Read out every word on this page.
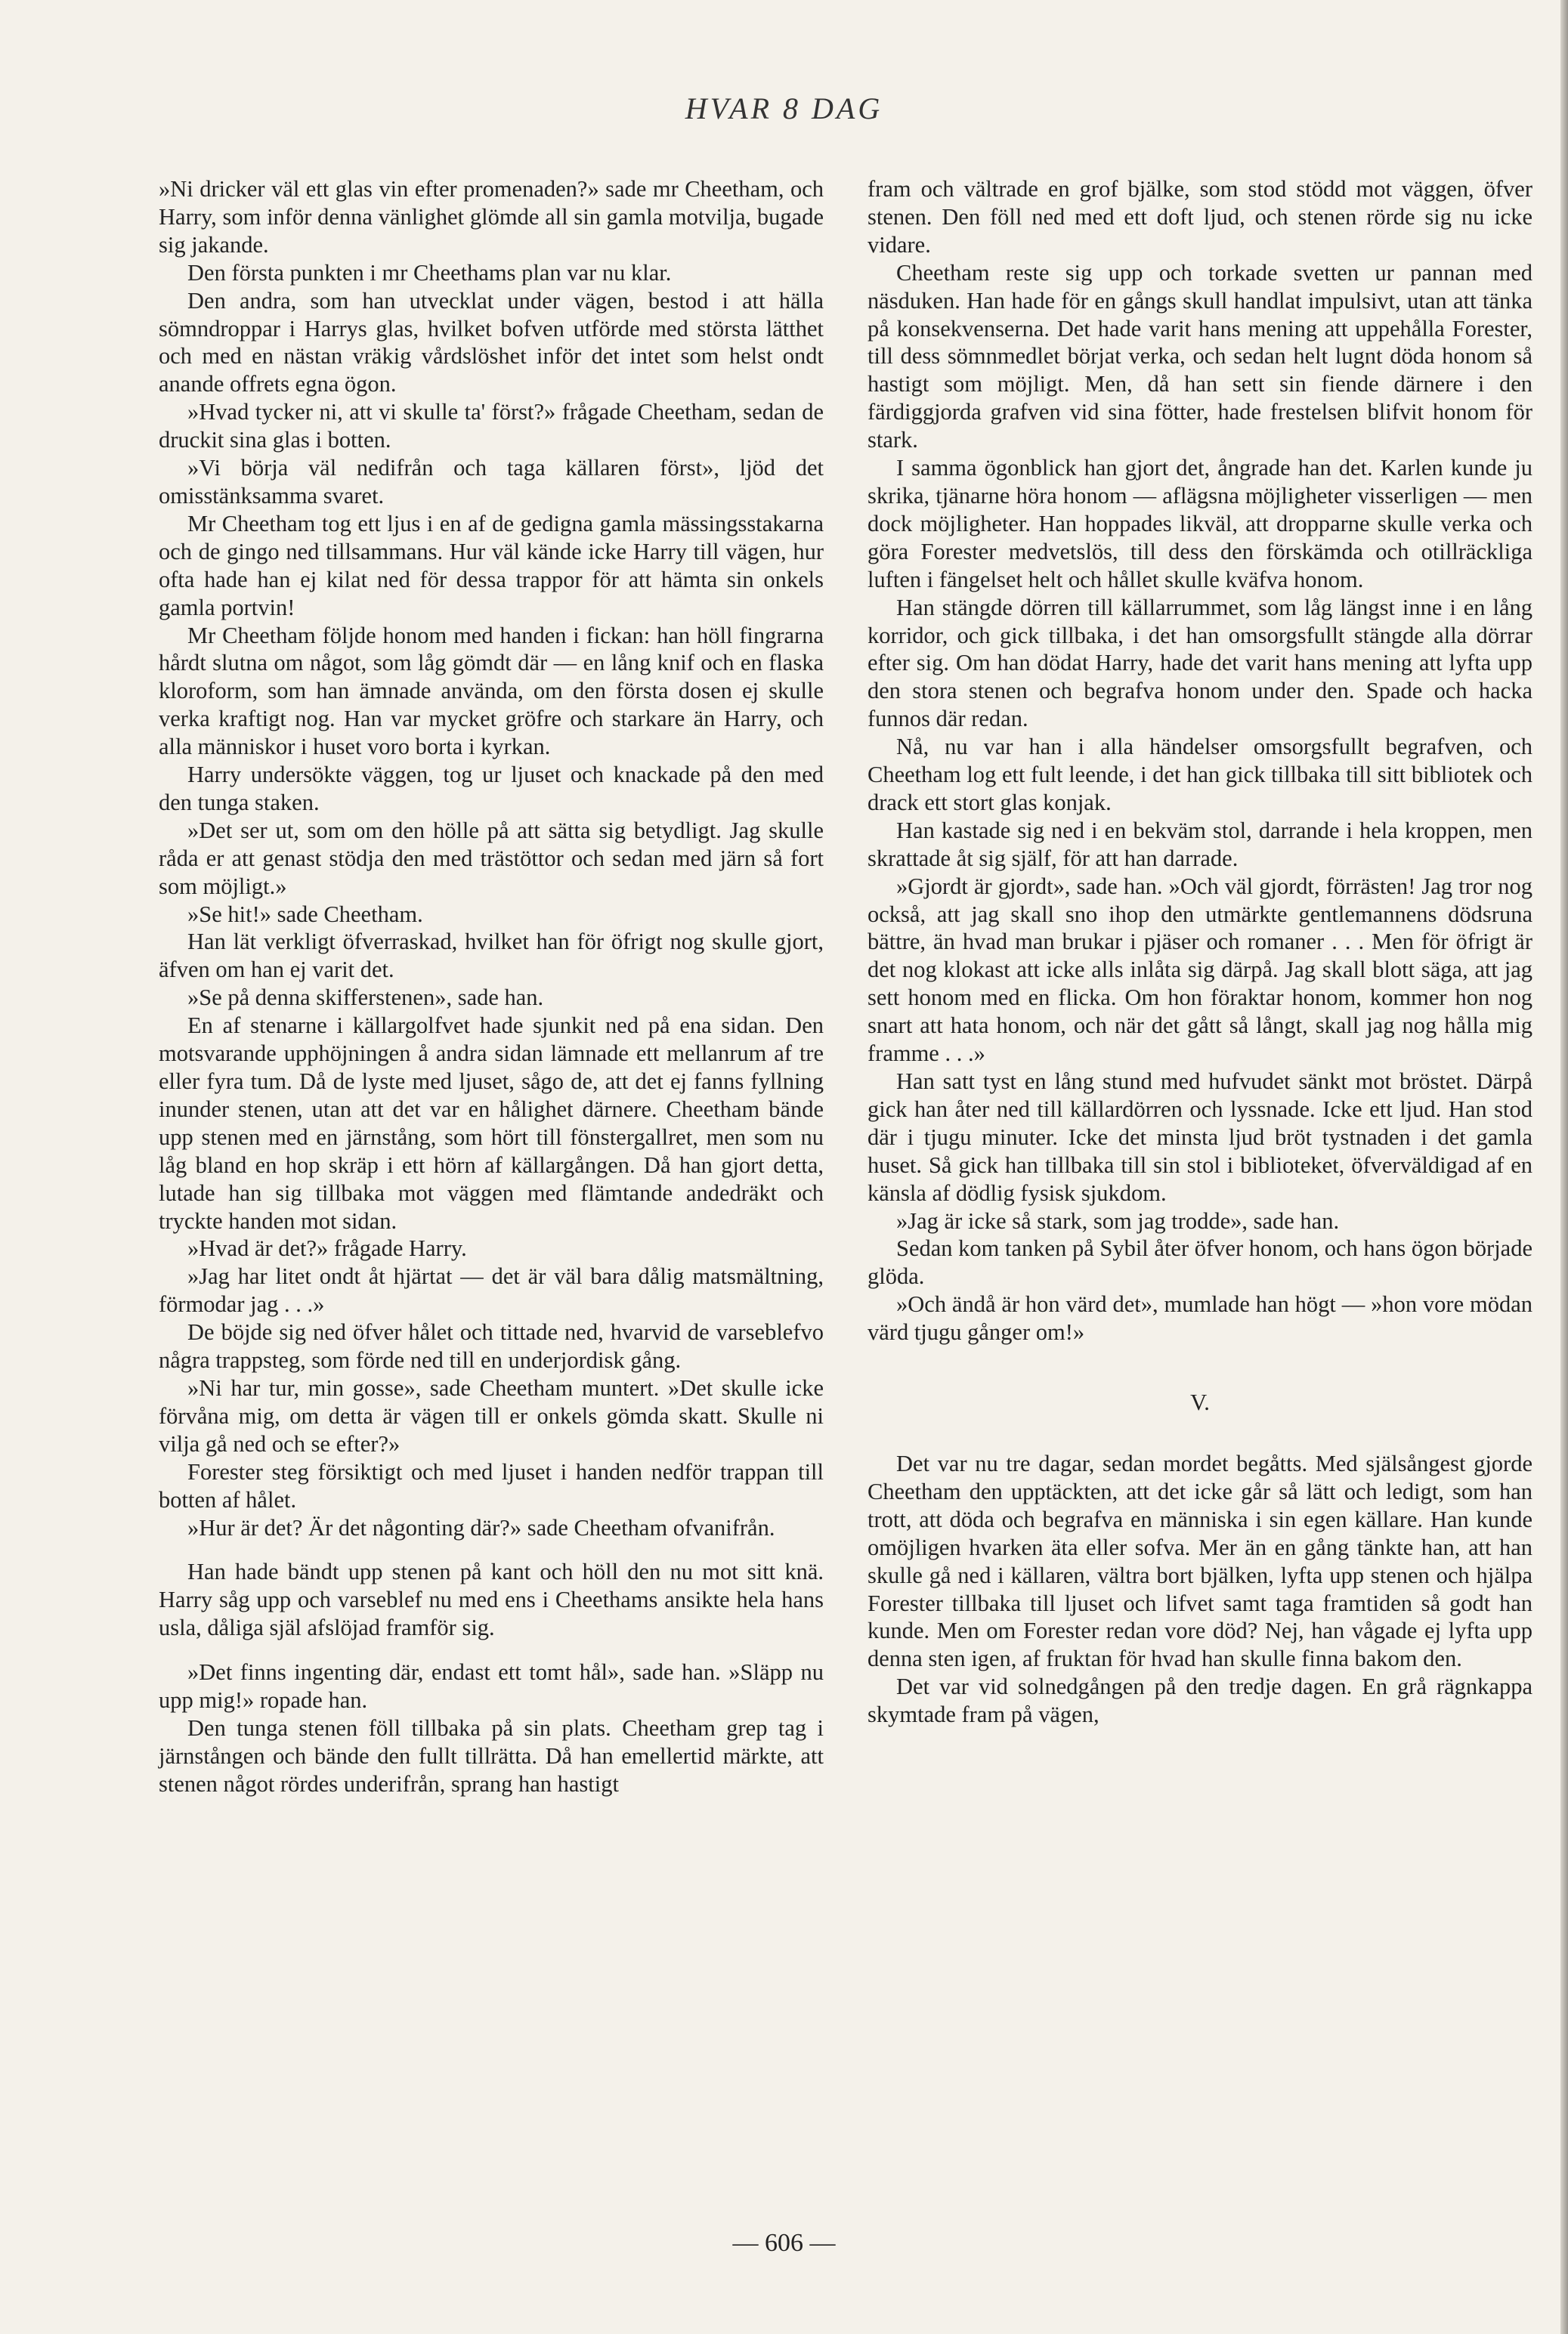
HVAR 8 DAG

»Ni dricker väl ett glas vin efter promenaden?» sade mr Cheetham, och Harry, som inför denna vänlighet glömde all sin gamla motvilja, bugade sig jakande.

Den första punkten i mr Cheethams plan var nu klar.

Den andra, som han utvecklat under vägen, bestod i att hälla sömndroppar i Harrys glas, hvilket bofven utförde med största lätthet och med en nästan vräkig vårdslöshet inför det intet som helst ondt anande offrets egna ögon.

»Hvad tycker ni, att vi skulle ta' först?» frågade Cheetham, sedan de druckit sina glas i botten.

»Vi börja väl nedifrån och taga källaren först», ljöd det omisstänksamma svaret.

Mr Cheetham tog ett ljus i en af de gedigna gamla mässingsstakarna och de gingo ned tillsammans. Hur väl kände icke Harry till vägen, hur ofta hade han ej kilat ned för dessa trappor för att hämta sin onkels gamla portvin!

Mr Cheetham följde honom med handen i fickan: han höll fingrarna hårdt slutna om något, som låg gömdt där — en lång knif och en flaska kloroform, som han ämnade använda, om den första dosen ej skulle verka kraftigt nog. Han var mycket gröfre och starkare än Harry, och alla människor i huset voro borta i kyrkan.

Harry undersökte väggen, tog ur ljuset och knackade på den med den tunga staken.

»Det ser ut, som om den hölle på att sätta sig betydligt. Jag skulle råda er att genast stödja den med trästöttor och sedan med järn så fort som möjligt.»

»Se hit!» sade Cheetham.

Han lät verkligt öfverraskad, hvilket han för öfrigt nog skulle gjort, äfven om han ej varit det.

»Se på denna skifferstenen», sade han.

En af stenarne i källargolfvet hade sjunkit ned på ena sidan. Den motsvarande upphöjningen å andra sidan lämnade ett mellanrum af tre eller fyra tum. Då de lyste med ljuset, sågo de, att det ej fanns fyllning inunder stenen, utan att det var en hålighet därnere. Cheetham bände upp stenen med en järnstång, som hört till fönstergallret, men som nu låg bland en hop skräp i ett hörn af källargången. Då han gjort detta, lutade han sig tillbaka mot väggen med flämtande andedräkt och tryckte handen mot sidan.

»Hvad är det?» frågade Harry.

»Jag har litet ondt åt hjärtat — det är väl bara dålig matsmältning, förmodar jag . . .»

De böjde sig ned öfver hålet och tittade ned, hvarvid de varseblefvo några trappsteg, som förde ned till en underjordisk gång.

»Ni har tur, min gosse», sade Cheetham muntert. »Det skulle icke förvåna mig, om detta är vägen till er onkels gömda skatt. Skulle ni vilja gå ned och se efter?»

Forester steg försiktigt och med ljuset i handen nedför trappan till botten af hålet.

»Hur är det? Är det någonting där?» sade Cheetham ofvanifrån.

Han hade bändt upp stenen på kant och höll den nu mot sitt knä. Harry såg upp och varseblef nu med ens i Cheethams ansikte hela hans usla, dåliga själ afslöjad framför sig.

»Det finns ingenting där, endast ett tomt hål», sade han. »Släpp nu upp mig!» ropade han.

Den tunga stenen föll tillbaka på sin plats. Cheetham grep tag i järnstången och bände den fullt tillrätta. Då han emellertid märkte, att stenen något rördes underifrån, sprang han hastigt

fram och vältrade en grof bjälke, som stod stödd mot väggen, öfver stenen. Den föll ned med ett doft ljud, och stenen rörde sig nu icke vidare.

Cheetham reste sig upp och torkade svetten ur pannan med näsduken. Han hade för en gångs skull handlat impulsivt, utan att tänka på konsekvenserna. Det hade varit hans mening att uppehålla Forester, till dess sömnmedlet börjat verka, och sedan helt lugnt döda honom så hastigt som möjligt. Men, då han sett sin fiende därnere i den färdiggjorda grafven vid sina fötter, hade frestelsen blifvit honom för stark.

I samma ögonblick han gjort det, ångrade han det. Karlen kunde ju skrika, tjänarne höra honom — aflägsna möjligheter visserligen — men dock möjligheter. Han hoppades likväl, att dropparne skulle verka och göra Forester medvetslös, till dess den förskämda och otillräckliga luften i fängelset helt och hållet skulle kväfva honom.

Han stängde dörren till källarrummet, som låg längst inne i en lång korridor, och gick tillbaka, i det han omsorgsfullt stängde alla dörrar efter sig. Om han dödat Harry, hade det varit hans mening att lyfta upp den stora stenen och begrafva honom under den. Spade och hacka funnos där redan.

Nå, nu var han i alla händelser omsorgsfullt begrafven, och Cheetham log ett fult leende, i det han gick tillbaka till sitt bibliotek och drack ett stort glas konjak.

Han kastade sig ned i en bekväm stol, darrande i hela kroppen, men skrattade åt sig själf, för att han darrade.

»Gjordt är gjordt», sade han. »Och väl gjordt, förrästen! Jag tror nog också, att jag skall sno ihop den utmärkte gentlemannens dödsruna bättre, än hvad man brukar i pjäser och romaner . . . Men för öfrigt är det nog klokast att icke alls inlåta sig därpå. Jag skall blott säga, att jag sett honom med en flicka. Om hon föraktar honom, kommer hon nog snart att hata honom, och när det gått så långt, skall jag nog hålla mig framme . . .»

Han satt tyst en lång stund med hufvudet sänkt mot bröstet. Därpå gick han åter ned till källardörren och lyssnade. Icke ett ljud. Han stod där i tjugu minuter. Icke det minsta ljud bröt tystnaden i det gamla huset. Så gick han tillbaka till sin stol i biblioteket, öfverväldigad af en känsla af dödlig fysisk sjukdom.

»Jag är icke så stark, som jag trodde», sade han.

Sedan kom tanken på Sybil åter öfver honom, och hans ögon började glöda.

»Och ändå är hon värd det», mumlade han högt — »hon vore mödan värd tjugu gånger om!»

V.

Det var nu tre dagar, sedan mordet begåtts. Med själsångest gjorde Cheetham den upptäckten, att det icke går så lätt och ledigt, som han trott, att döda och begrafva en människa i sin egen källare. Han kunde omöjligen hvarken äta eller sofva. Mer än en gång tänkte han, att han skulle gå ned i källaren, vältra bort bjälken, lyfta upp stenen och hjälpa Forester tillbaka till ljuset och lifvet samt taga framtiden så godt han kunde. Men om Forester redan vore död? Nej, han vågade ej lyfta upp denna sten igen, af fruktan för hvad han skulle finna bakom den.

Det var vid solnedgången på den tredje dagen. En grå rägnkappa skymtade fram på vägen,

— 606 —
